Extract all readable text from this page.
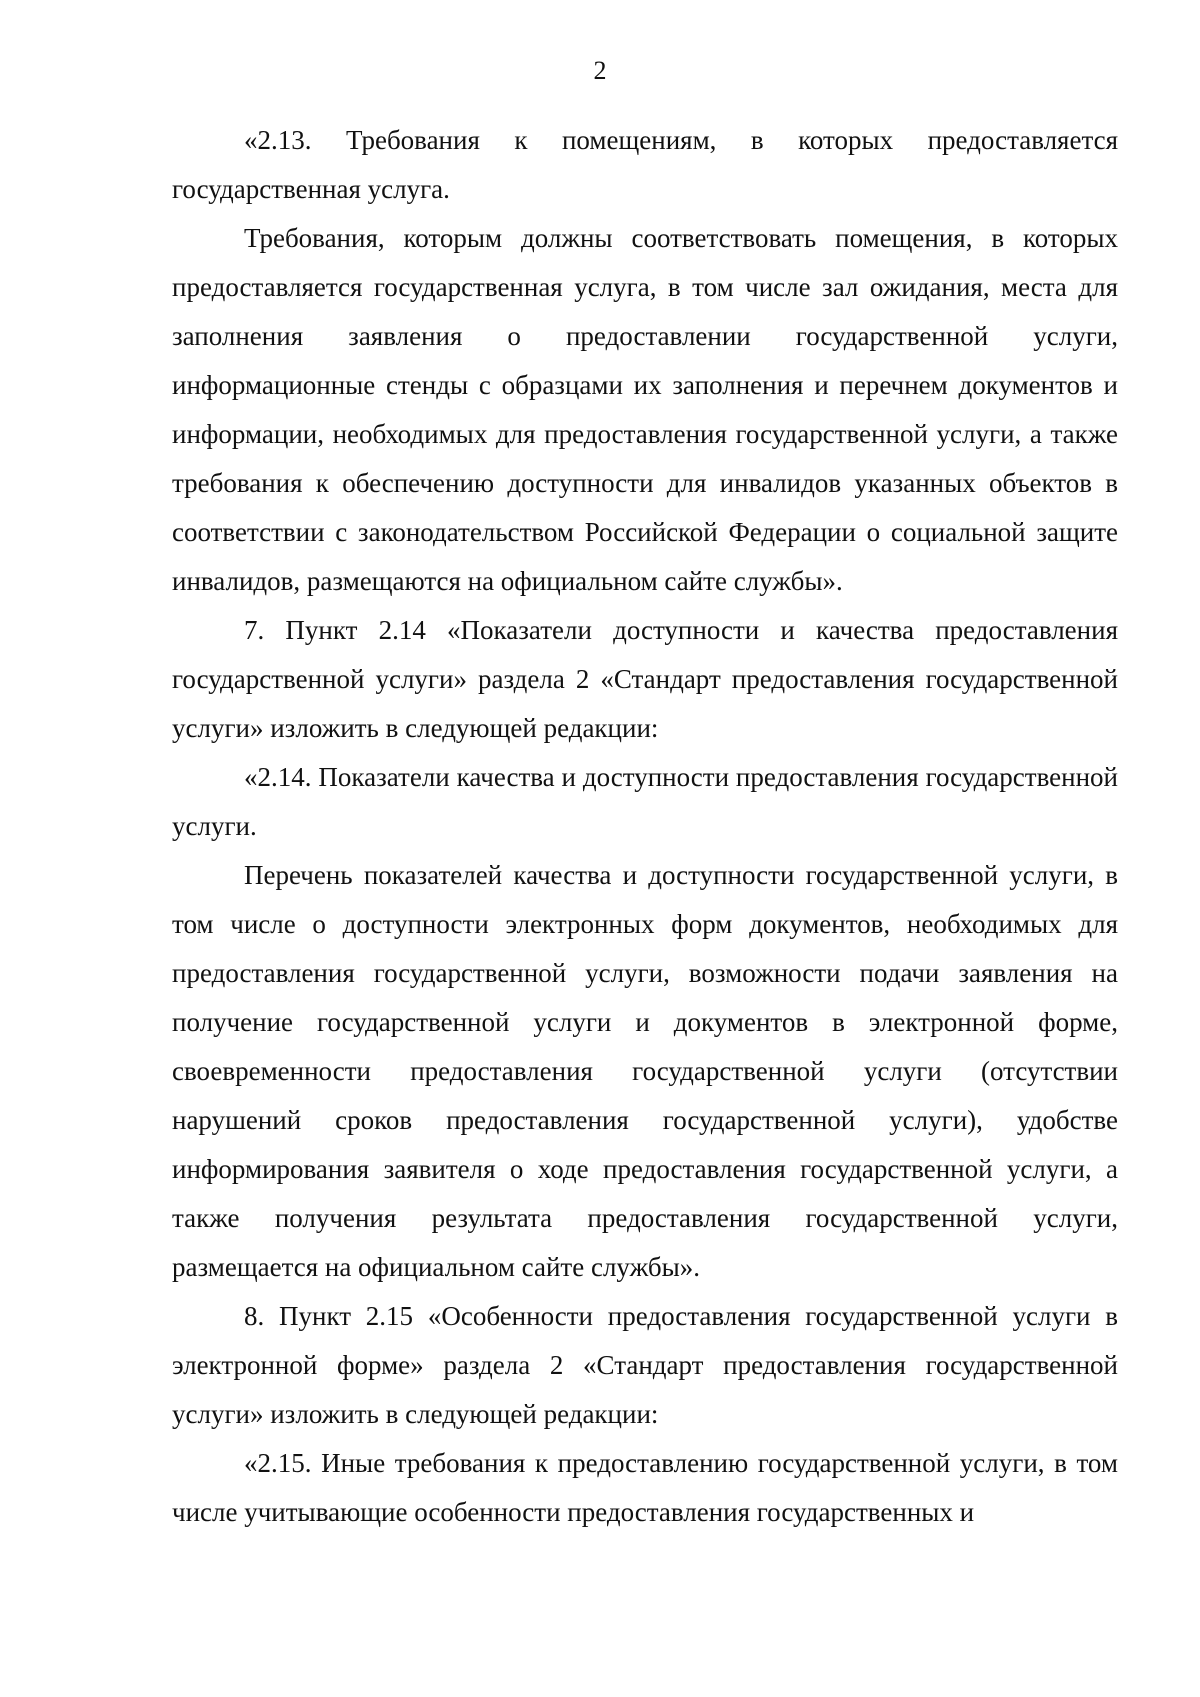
2

«2.13. Требования к помещениям, в которых предоставляется государственная услуга.

Требования, которым должны соответствовать помещения, в которых предоставляется государственная услуга, в том числе зал ожидания, места для заполнения заявления о предоставлении государственной услуги, информационные стенды с образцами их заполнения и перечнем документов и информации, необходимых для предоставления государственной услуги, а также требования к обеспечению доступности для инвалидов указанных объектов в соответствии с законодательством Российской Федерации о социальной защите инвалидов, размещаются на официальном сайте службы».

7. Пункт 2.14 «Показатели доступности и качества предоставления государственной услуги» раздела 2 «Стандарт предоставления государственной услуги» изложить в следующей редакции:

«2.14. Показатели качества и доступности предоставления государственной услуги.

Перечень показателей качества и доступности государственной услуги, в том числе о доступности электронных форм документов, необходимых для предоставления государственной услуги, возможности подачи заявления на получение государственной услуги и документов в электронной форме, своевременности предоставления государственной услуги (отсутствии нарушений сроков предоставления государственной услуги), удобстве информирования заявителя о ходе предоставления государственной услуги, а также получения результата предоставления государственной услуги, размещается на официальном сайте службы».

8. Пункт 2.15 «Особенности предоставления государственной услуги в электронной форме» раздела 2 «Стандарт предоставления государственной услуги» изложить в следующей редакции:

«2.15. Иные требования к предоставлению государственной услуги, в том числе учитывающие особенности предоставления государственных и
